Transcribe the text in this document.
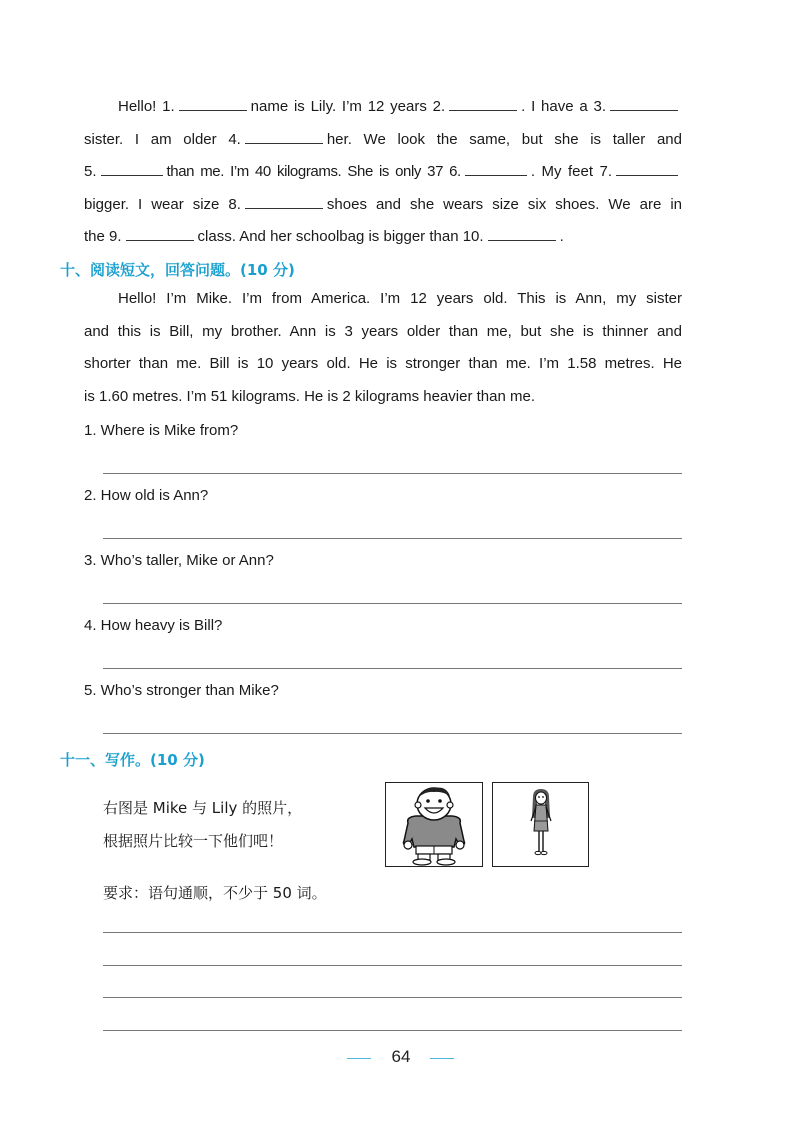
Hello! 1.	name is Lily. I’m 12 years 2.	. I have a 3.
sister. I am older 4.	her. We look the same, but she is taller and
5.	than me. I’m 40 kilograms. She is only 37 6.	. My feet 7.
bigger. I wear size 8.	shoes and she wears size six shoes. We are in
the 9.	class. And her schoolbag is bigger than 10.	.
十、阅读短文，回答问题。(10 分)
Hello! I’m Mike. I’m from America. I’m 12 years old. This is Ann, my sister
and this is Bill, my brother. Ann is 3 years older than me, but she is thinner and
shorter than me. Bill is 10 years old. He is stronger than me. I’m 1.58 metres. He
is 1.60 metres. I’m 51 kilograms. He is 2 kilograms heavier than me.
1. Where is Mike from?
2. How old is Ann?
3. Who’s taller, Mike or Ann?
4. How heavy is Bill?
5. Who’s stronger than Mike?
十一、写作。(10 分)
右图是 Mike 与 Lily 的照片，
根据照片比较一下他们吧！
要求：语句通顺，不少于 50 词。
64
